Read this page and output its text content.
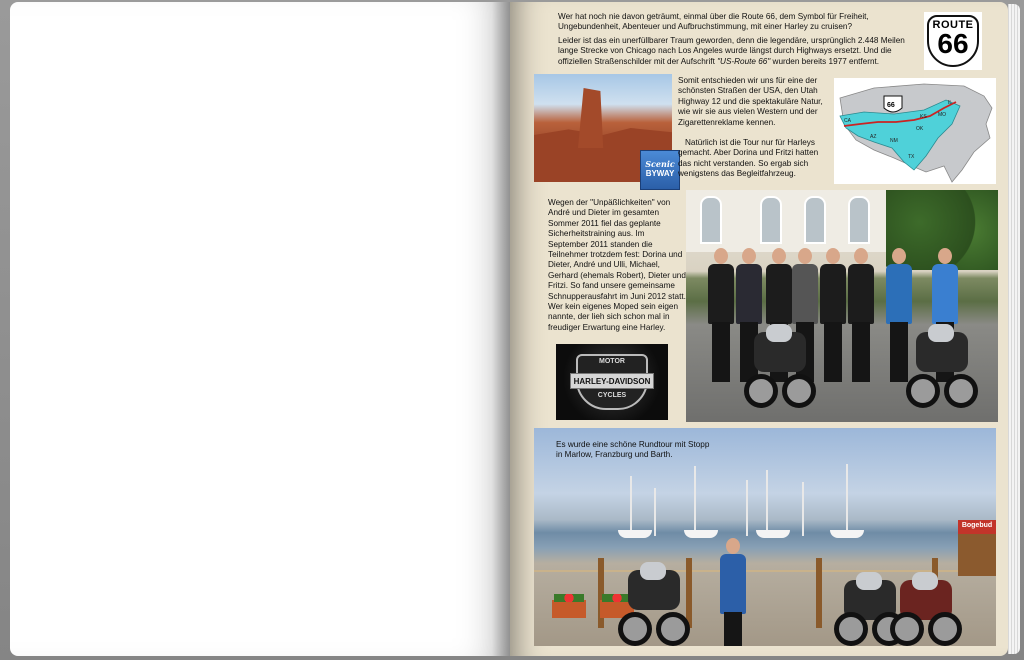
Wer hat noch nie davon geträumt, einmal über die Route 66, dem Symbol für Freiheit, Ungebundenheit, Abenteuer und Aufbruchstimmung, mit einer Harley zu cruisen?

Leider ist das ein unerfüllbarer Traum geworden, denn die legendäre, ursprünglich 2.448 Meilen lange Strecke von Chicago nach Los Angeles wurde längst durch Highways ersetzt. Und die offiziellen Straßenschilder mit der Aufschrift "US-Route 66" wurden bereits 1977 entfernt.

ROUTE
66
Scenic
BYWAY

Somit entschieden wir uns für eine der schönsten Straßen der USA, den Utah Highway 12 und die spektakuläre Natur, wie wir sie aus vielen Western und der Zigarettenreklame kennen.

Natürlich ist die Tour nur für Harleys gemacht. Aber Dorina und Fritzi hatten das nicht verstanden. So ergab sich wenigstens das Begleitfahrzeug.

66
CA
AZ
NM
TX
OK
KS MO
IL
Wegen der "Unpäßlichkeiten" von André und Dieter im gesamten Sommer 2011 fiel das geplante Sicherheitstraining aus. Im September 2011 standen die Teilnehmer trotzdem fest: Dorina und Dieter, André und Ulli, Michael, Gerhard (ehemals Robert), Dieter und Fritzi. So fand unsere gemeinsame Schnupperausfahrt im Juni 2012 statt. Wer kein eigenes Moped sein eigen nannte, der lieh sich schon mal in freudiger Erwartung eine Harley.
MOTOR
HARLEY-DAVIDSON
CYCLES
Bogebud
Es wurde eine schöne Rundtour mit Stopp in Marlow, Franzburg und Barth.
